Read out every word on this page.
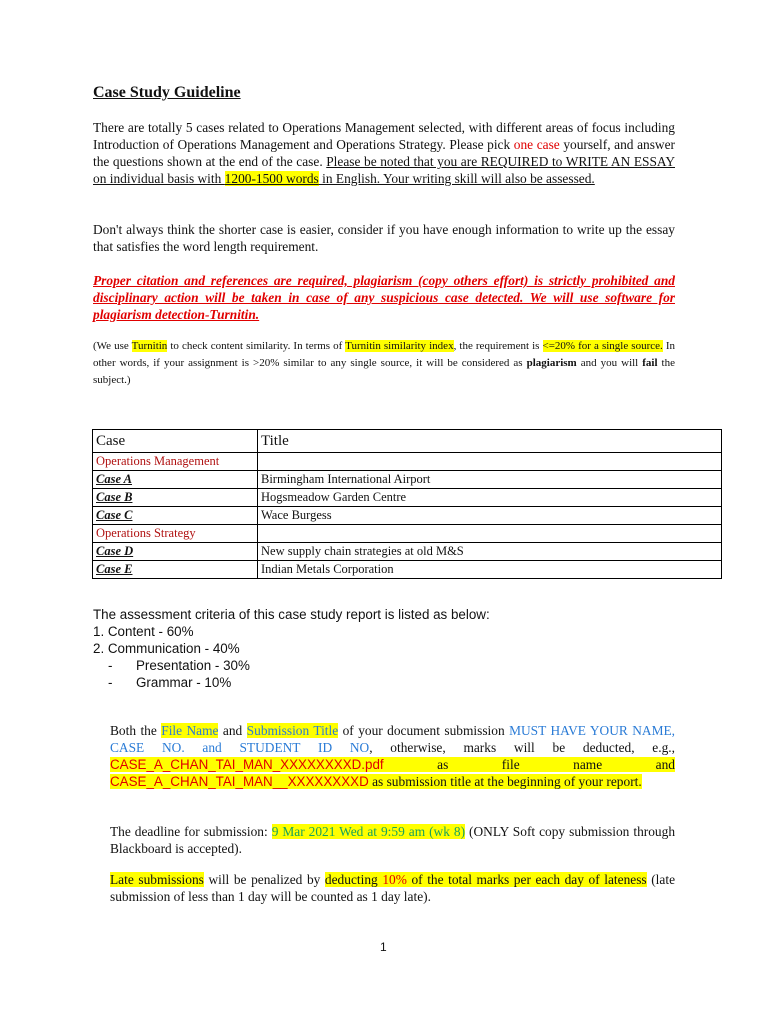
Case Study Guideline

There are totally 5 cases related to Operations Management selected, with different areas of focus including Introduction of Operations Management and Operations Strategy. Please pick one case yourself, and answer the questions shown at the end of the case. Please be noted that you are REQUIRED to WRITE AN ESSAY on individual basis with 1200-1500 words in English. Your writing skill will also be assessed.

Don't always think the shorter case is easier, consider if you have enough information to write up the essay that satisfies the word length requirement.

Proper citation and references are required, plagiarism (copy others effort) is strictly prohibited and disciplinary action will be taken in case of any suspicious case detected. We will use software for plagiarism detection-Turnitin.

(We use Turnitin to check content similarity. In terms of Turnitin similarity index, the requirement is <=20% for a single source. In other words, if your assignment is >20% similar to any single source, it will be considered as plagiarism and you will fail the subject.)

Case	Title
Operations Management	
Case A	Birmingham International Airport
Case B	Hogsmeadow Garden Centre
Case C	Wace Burgess
Operations Strategy	
Case D	New supply chain strategies at old M&S
Case E	Indian Metals Corporation
The assessment criteria of this case study report is listed as below:
1. Content - 60%
2. Communication - 40%
- Presentation - 30%
- Grammar - 10%

Both the File Name and Submission Title of your document submission MUST HAVE YOUR NAME, CASE NO. and STUDENT ID NO, otherwise, marks will be deducted, e.g., CASE_A_CHAN_TAI_MAN_XXXXXXXXD.pdf as file name and CASE_A_CHAN_TAI_MAN__XXXXXXXXD as submission title at the beginning of your report.

The deadline for submission: 9 Mar 2021 Wed at 9:59 am (wk 8) (ONLY Soft copy submission through Blackboard is accepted).

Late submissions will be penalized by deducting 10% of the total marks per each day of lateness (late submission of less than 1 day will be counted as 1 day late).

1
